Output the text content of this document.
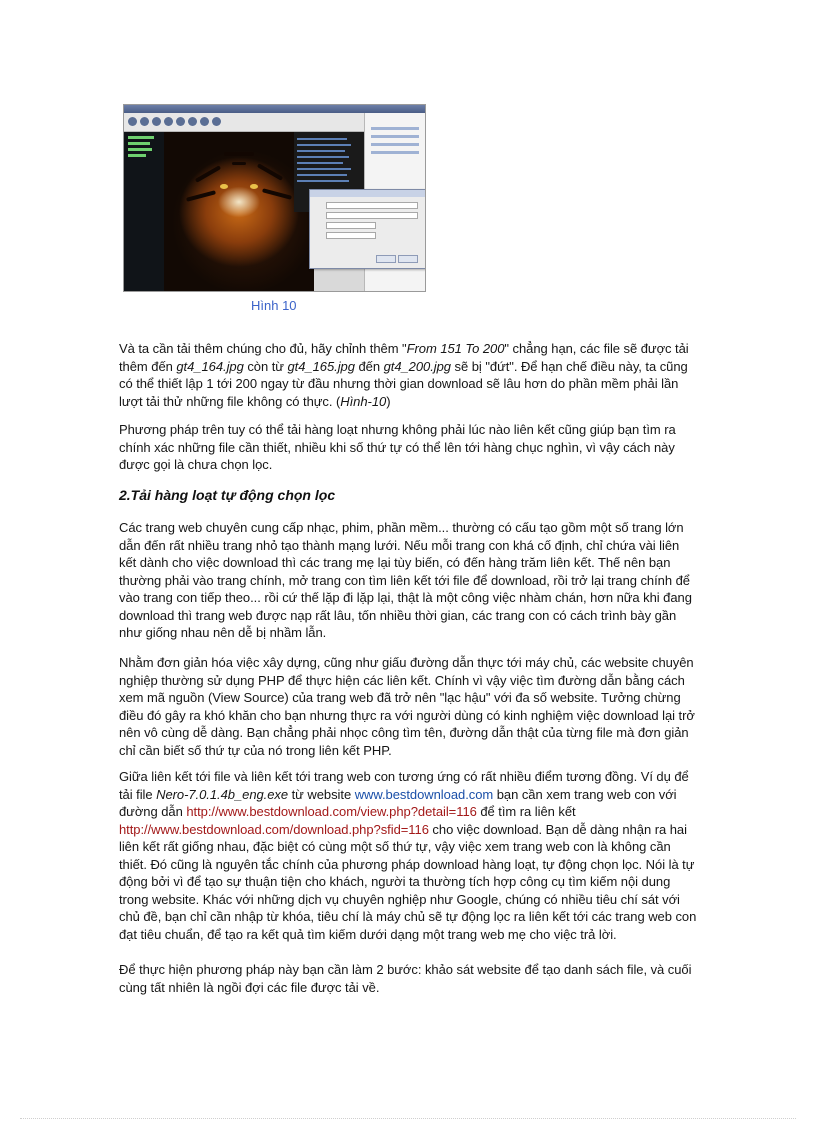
Hình 10

Và ta cần tải thêm chúng cho đủ, hãy chỉnh thêm "From 151 To 200" chẳng hạn, các file sẽ được tải thêm đến gt4_164.jpg còn từ gt4_165.jpg đến gt4_200.jpg sẽ bị "đứt". Để hạn chế điều này, ta cũng có thể thiết lập 1 tới 200 ngay từ đầu nhưng thời gian download sẽ lâu hơn do phần mềm phải lần lượt tải thử những file không có thực. (Hình-10)

Phương pháp trên tuy có thể tải hàng loạt nhưng không phải lúc nào liên kết cũng giúp bạn tìm ra chính xác những file cần thiết, nhiều khi số thứ tự có thể lên tới hàng chục nghìn, vì vậy cách này được gọi là chưa chọn lọc.

2.Tải hàng loạt tự động chọn lọc

Các trang web chuyên cung cấp nhạc, phim, phần mềm... thường có cấu tạo gồm một số trang lớn dẫn đến rất nhiều trang nhỏ tạo thành mạng lưới. Nếu mỗi trang con khá cố định, chỉ chứa vài liên kết dành cho việc download thì các trang mẹ lại tùy biến, có đến hàng trăm liên kết. Thế nên bạn thường phải vào trang chính, mở trang con tìm liên kết tới file để download, rồi trở lại trang chính để vào trang con tiếp theo... rồi cứ thế lặp đi lặp lại, thật là một công việc nhàm chán, hơn nữa khi đang download thì trang web được nạp rất lâu, tốn nhiều thời gian, các trang con có cách trình bày gần như giống nhau nên dễ bị nhầm lẫn.

Nhằm đơn giản hóa việc xây dựng, cũng như giấu đường dẫn thực tới máy chủ, các website chuyên nghiệp thường sử dụng PHP để thực hiện các liên kết. Chính vì vậy việc tìm đường dẫn bằng cách xem mã nguồn (View Source) của trang web đã trở nên "lạc hậu" với đa số website. Tưởng chừng điều đó gây ra khó khăn cho bạn nhưng thực ra với người dùng có kinh nghiệm việc download lại trở nên vô cùng dễ dàng. Bạn chẳng phải nhọc công tìm tên, đường dẫn thật của từng file mà đơn giản chỉ cần biết số thứ tự của nó trong liên kết PHP.

Giữa liên kết tới file và liên kết tới trang web con tương ứng có rất nhiều điểm tương đồng. Ví dụ để tải file Nero-7.0.1.4b_eng.exe từ website www.bestdownload.com bạn cần xem trang web con với đường dẫn http://www.bestdownload.com/view.php?detail=116 để tìm ra liên kết http://www.bestdownload.com/download.php?sfid=116 cho việc download. Bạn dễ dàng nhận ra hai liên kết rất giống nhau, đặc biệt có cùng một số thứ tự, vậy việc xem trang web con là không cần thiết. Đó cũng là nguyên tắc chính của phương pháp download hàng loạt, tự động chọn lọc. Nói là tự động bởi vì để tạo sự thuận tiện cho khách, người ta thường tích hợp công cụ tìm kiếm nội dung trong website. Khác với những dịch vụ chuyên nghiệp như Google, chúng có nhiều tiêu chí sát với chủ đề, bạn chỉ cần nhập từ khóa, tiêu chí là máy chủ sẽ tự động lọc ra liên kết tới các trang web con đạt tiêu chuẩn, để tạo ra kết quả tìm kiếm dưới dạng một trang web mẹ cho việc trả lời.

Để thực hiện phương pháp này bạn cần làm 2 bước: khảo sát website để tạo danh sách file, và cuối cùng tất nhiên là ngồi đợi các file được tải về.
